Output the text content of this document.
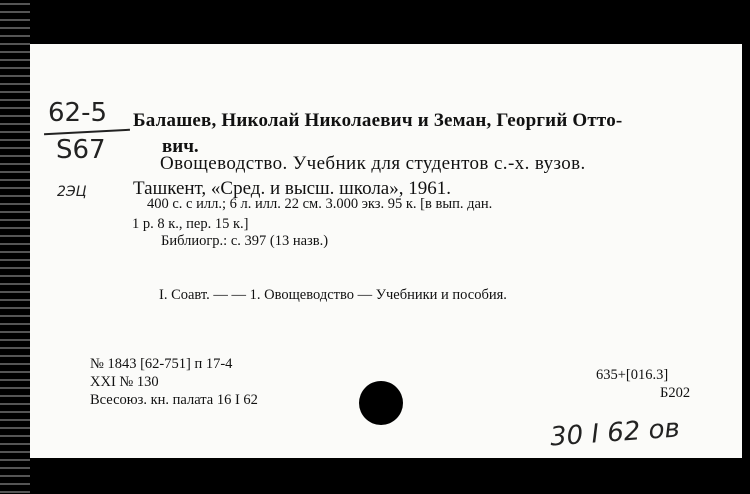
62-5
S67
2ЭЦ
Балашев, Николай Николаевич и Земан, Георгий Отто-
вич.
Овощеводство. Учебник для студентов с.-х. вузов.
Ташкент, «Сред. и высш. школа», 1961.
400 с. с илл.; 6 л. илл. 22 см. 3.000 экз. 95 к. [в вып. дан.
1 р. 8 к., пер. 15 к.]
Библиогр.: с. 397 (13 назв.)
I. Соавт. — — 1. Овощеводство — Учебники и пособия.
№ 1843 [62-751] п 17-4
XXI № 130
Всесоюз. кн. палата 16 I 62
635+[016.3]
Б202
30 I 62 ов
